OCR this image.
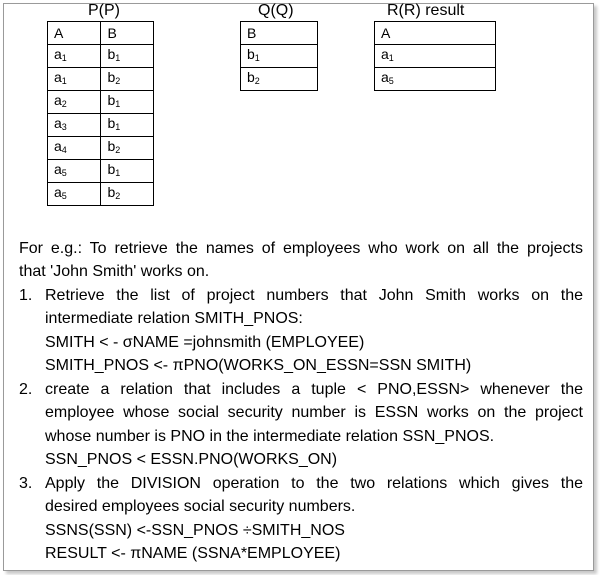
P(P)
A	B
$a_1$	$b_1$
$a_1$	$b_2$
$a_2$	$b_1$
$a_3$	$b_1$
$a_4$	$b_2$
$a_5$	$b_1$
$a_5$	$b_2$
Q(Q)
B
$b_1$
$b_2$
R(R) result
A
$a_1$
$a_5$
For e.g.: To retrieve the names of employees who work on all the projects
that 'John Smith' works on.
1. Retrieve the list of project numbers that John Smith works on the
intermediate relation SMITH_PNOS:
SMITH < - σNAME =johnsmith (EMPLOYEE)
SMITH_PNOS <- πPNO(WORKS_ON_ESSN=SSN SMITH)
2. create a relation that includes a tuple < PNO,ESSN> whenever the
employee whose social security number is ESSN works on the project
whose number is PNO in the intermediate relation SSN_PNOS.
SSN_PNOS < ESSN.PNO(WORKS_ON)
3. Apply the DIVISION operation to the two relations which gives the
desired employees social security numbers.
SSNS(SSN) <-SSN_PNOS ÷SMITH_NOS
RESULT <- πNAME (SSNA*EMPLOYEE)
